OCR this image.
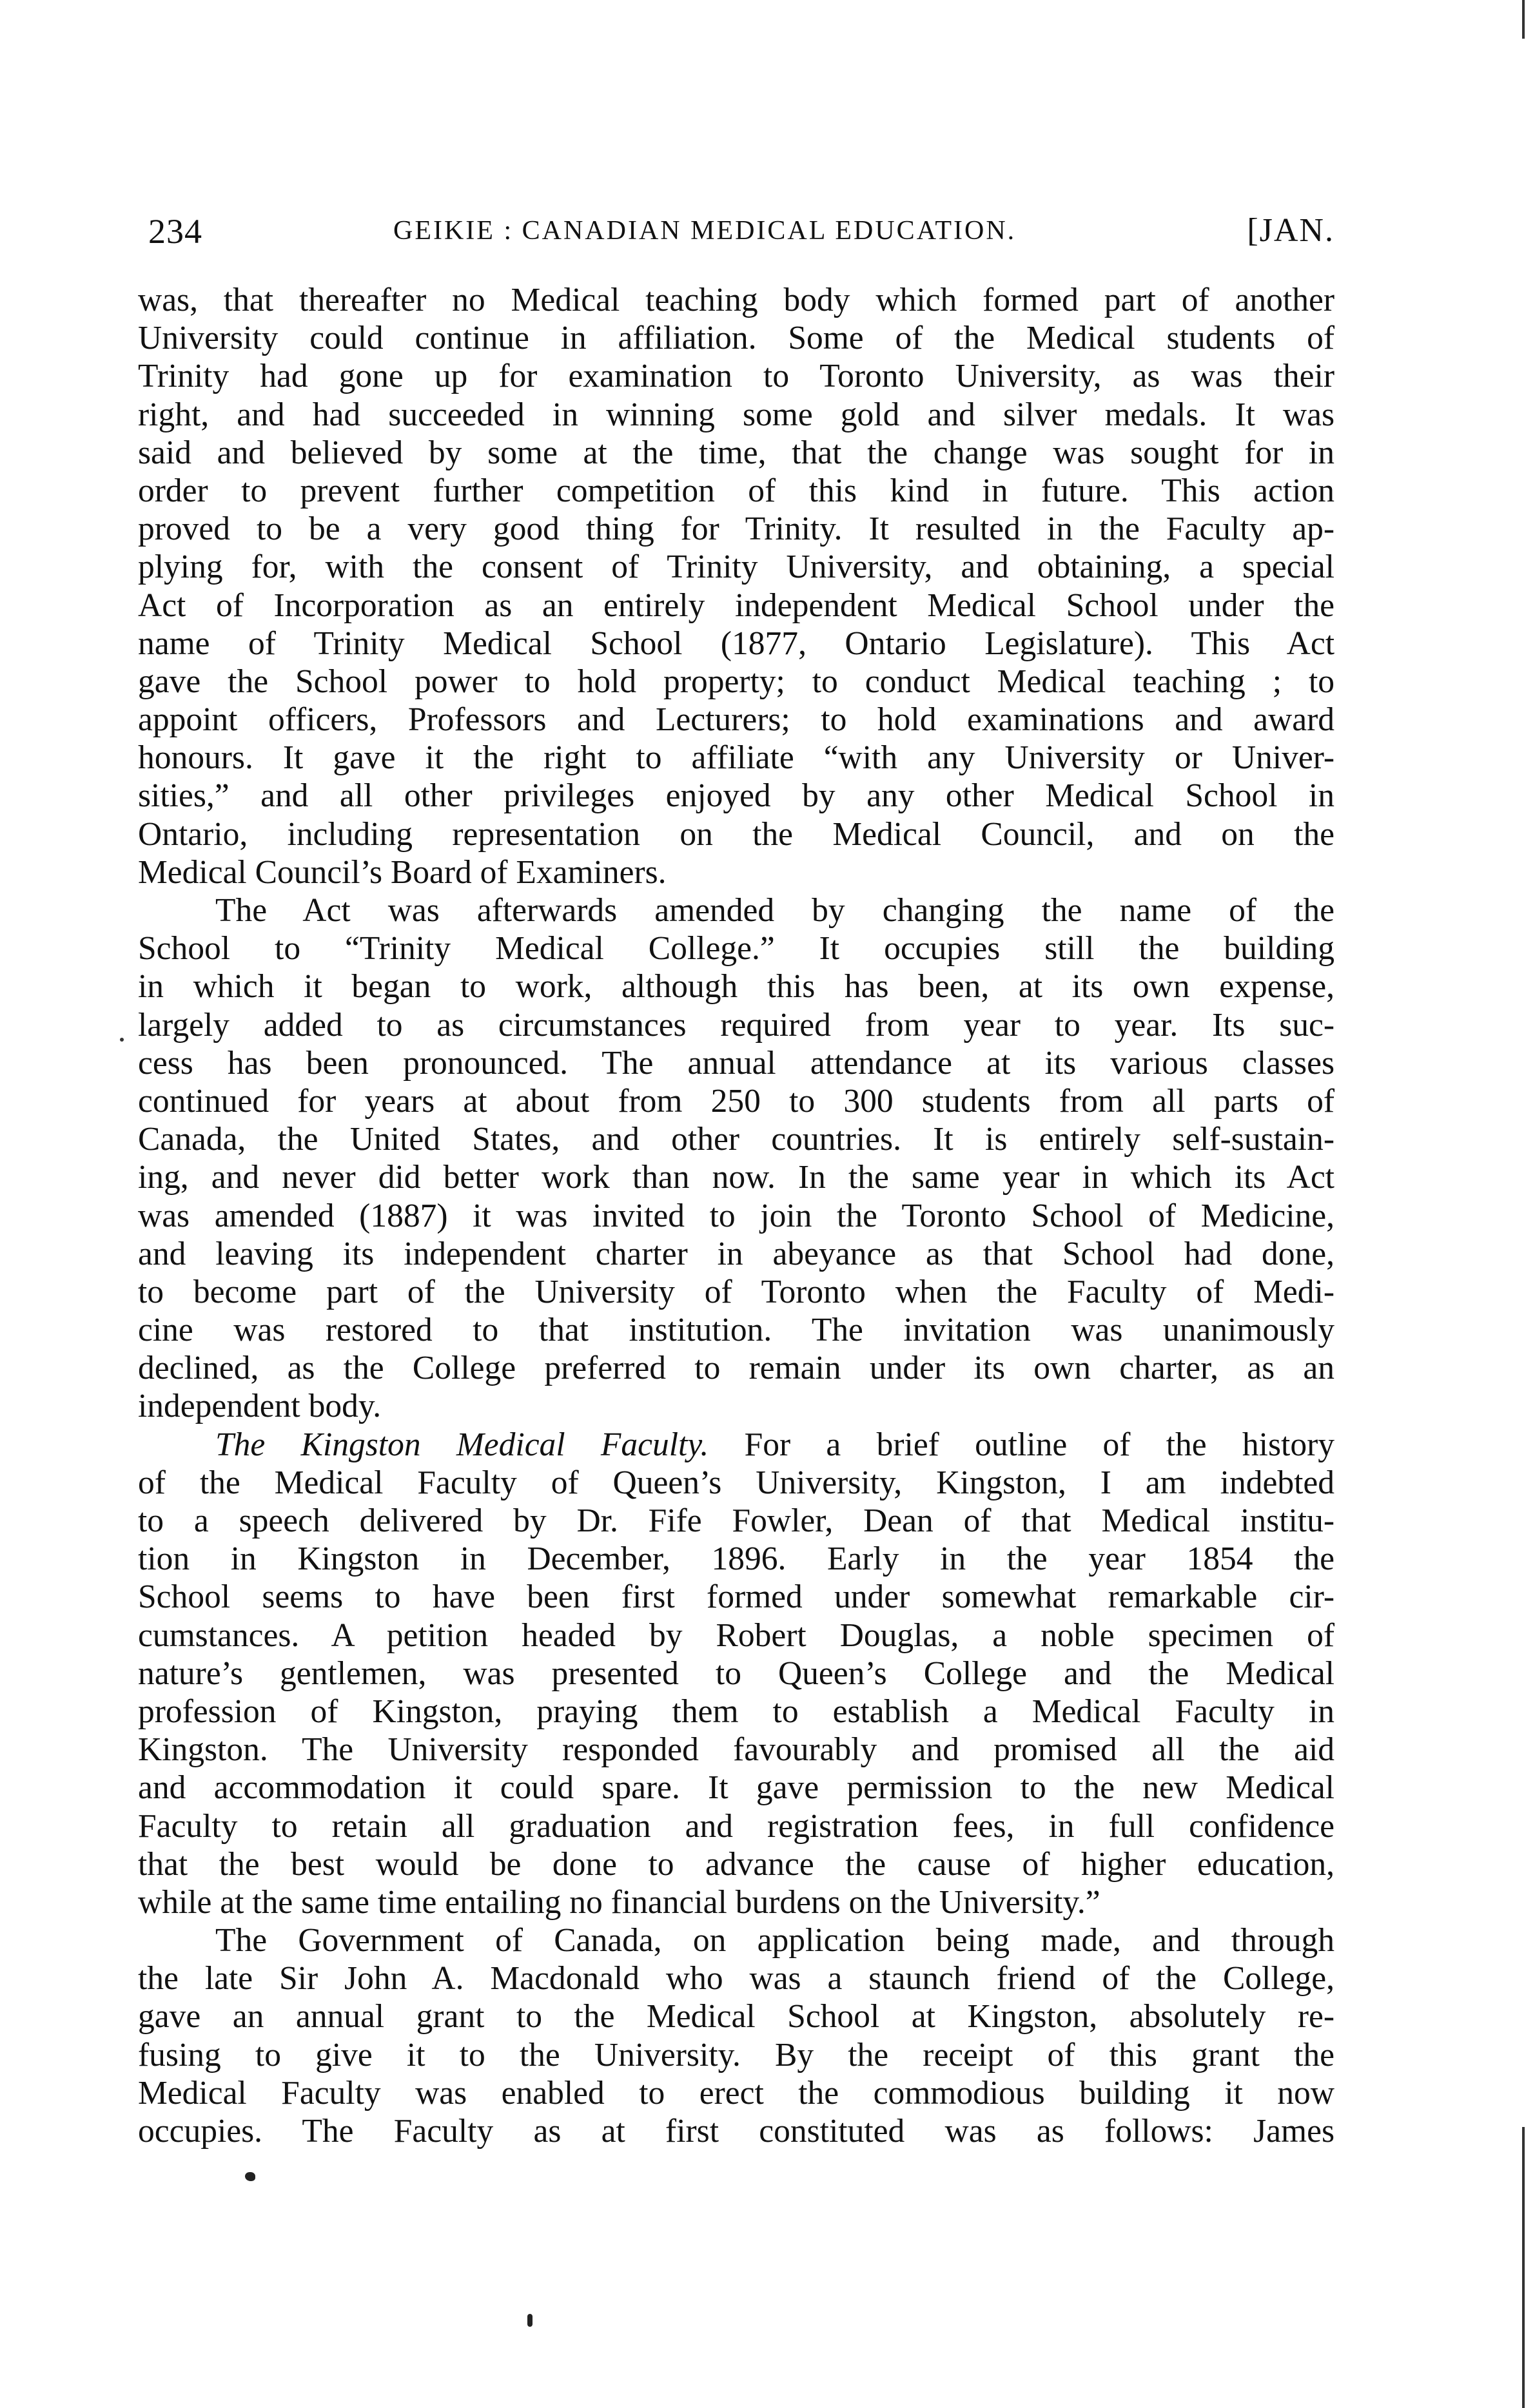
234	GEIKIE : CANADIAN MEDICAL EDUCATION.	[JAN.
was, that thereafter no Medical teaching body which formed part of another
University could continue in affiliation. Some of the Medical students of
Trinity had gone up for examination to Toronto University, as was their
right, and had succeeded in winning some gold and silver medals. It was
said and believed by some at the time, that the change was sought for in
order to prevent further competition of this kind in future. This action
proved to be a very good thing for Trinity. It resulted in the Faculty ap-
plying for, with the consent of Trinity University, and obtaining, a special
Act of Incorporation as an entirely independent Medical School under the
name of Trinity Medical School (1877, Ontario Legislature). This Act
gave the School power to hold property; to conduct Medical teaching ; to
appoint officers, Professors and Lecturers; to hold examinations and award
honours. It gave it the right to affiliate “with any University or Univer-
sities,” and all other privileges enjoyed by any other Medical School in
Ontario, including representation on the Medical Council, and on the
Medical Council’s Board of Examiners.
The Act was afterwards amended by changing the name of the
School to “Trinity Medical College.” It occupies still the building
in which it began to work, although this has been, at its own expense,
largely added to as circumstances required from year to year. Its suc-
cess has been pronounced. The annual attendance at its various classes
continued for years at about from 250 to 300 students from all parts of
Canada, the United States, and other countries. It is entirely self-sustain-
ing, and never did better work than now. In the same year in which its Act
was amended (1887) it was invited to join the Toronto School of Medicine,
and leaving its independent charter in abeyance as that School had done,
to become part of the University of Toronto when the Faculty of Medi-
cine was restored to that institution. The invitation was unanimously
declined, as the College preferred to remain under its own charter, as an
independent body.
The Kingston Medical Faculty. For a brief outline of the history
of the Medical Faculty of Queen’s University, Kingston, I am indebted
to a speech delivered by Dr. Fife Fowler, Dean of that Medical institu-
tion in Kingston in December, 1896. Early in the year 1854 the
School seems to have been first formed under somewhat remarkable cir-
cumstances. A petition headed by Robert Douglas, a noble specimen of
nature’s gentlemen, was presented to Queen’s College and the Medical
profession of Kingston, praying them to establish a Medical Faculty in
Kingston. The University responded favourably and promised all the aid
and accommodation it could spare. It gave permission to the new Medical
Faculty to retain all graduation and registration fees, in full confidence
that the best would be done to advance the cause of higher education,
while at the same time entailing no financial burdens on the University.”
The Government of Canada, on application being made, and through
the late Sir John A. Macdonald who was a staunch friend of the College,
gave an annual grant to the Medical School at Kingston, absolutely re-
fusing to give it to the University. By the receipt of this grant the
Medical Faculty was enabled to erect the commodious building it now
occupies. The Faculty as at first constituted was as follows: James
